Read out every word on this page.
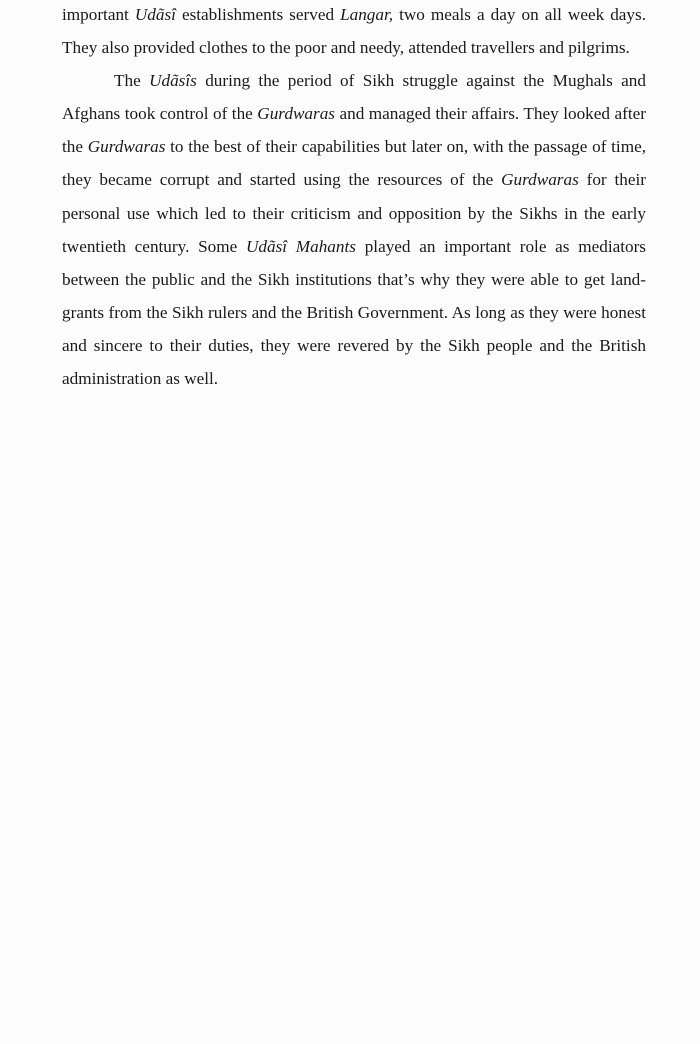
important Udãsî establishments served Langar, two meals a day on all week days. They also provided clothes to the poor and needy, attended travellers and pilgrims.

The Udãsîs during the period of Sikh struggle against the Mughals and Afghans took control of the Gurdwaras and managed their affairs. They looked after the Gurdwaras to the best of their capabilities but later on, with the passage of time, they became corrupt and started using the resources of the Gurdwaras for their personal use which led to their criticism and opposition by the Sikhs in the early twentieth century. Some Udãsî Mahants played an important role as mediators between the public and the Sikh institutions that’s why they were able to get land-grants from the Sikh rulers and the British Government. As long as they were honest and sincere to their duties, they were revered by the Sikh people and the British administration as well.
